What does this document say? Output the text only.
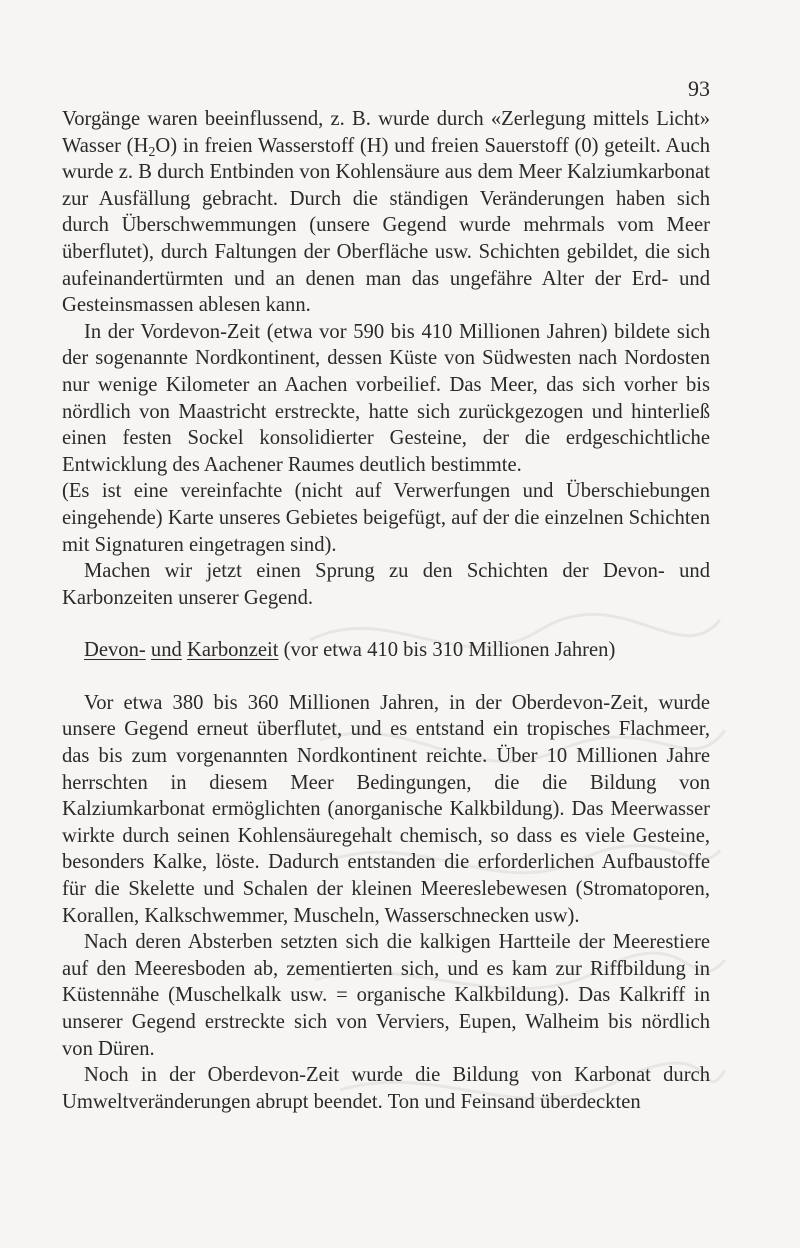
93

Vorgänge waren beeinflussend, z. B. wurde durch «Zerlegung mittels Licht» Wasser $(H_2O)$ in freien Wasserstoff (H) und freien Sauerstoff (0) geteilt. Auch wurde z. B durch Entbinden von Kohlensäure aus dem Meer Kalziumkarbonat zur Ausfällung gebracht. Durch die ständigen Veränderungen haben sich durch Überschwemmungen (unsere Gegend wurde mehrmals vom Meer überflutet), durch Faltungen der Oberfläche usw. Schichten gebildet, die sich aufeinandertürmten und an denen man das ungefähre Alter der Erd- und Gesteinsmassen ablesen kann.

In der Vordevon-Zeit (etwa vor 590 bis 410 Millionen Jahren) bildete sich der sogenannte Nordkontinent, dessen Küste von Südwesten nach Nordosten nur wenige Kilometer an Aachen vorbeilief. Das Meer, das sich vorher bis nördlich von Maastricht erstreckte, hatte sich zurückgezogen und hinterließ einen festen Sockel konsolidierter Gesteine, der die erdgeschichtliche Entwicklung des Aachener Raumes deutlich bestimmte.

(Es ist eine vereinfachte (nicht auf Verwerfungen und Überschiebungen eingehende) Karte unseres Gebietes beigefügt, auf der die einzelnen Schichten mit Signaturen eingetragen sind).

Machen wir jetzt einen Sprung zu den Schichten der Devon- und Karbonzeiten unserer Gegend.

Devon- und Karbonzeit (vor etwa 410 bis 310 Millionen Jahren)

Vor etwa 380 bis 360 Millionen Jahren, in der Oberdevon-Zeit, wurde unsere Gegend erneut überflutet, und es entstand ein tropisches Flachmeer, das bis zum vorgenannten Nordkontinent reichte. Über 10 Millionen Jahre herrschten in diesem Meer Bedingungen, die die Bildung von Kalziumkarbonat ermöglichten (anorganische Kalkbildung). Das Meerwasser wirkte durch seinen Kohlensäuregehalt chemisch, so dass es viele Gesteine, besonders Kalke, löste. Dadurch entstanden die erforderlichen Aufbaustoffe für die Skelette und Schalen der kleinen Meereslebewesen (Stromatoporen, Korallen, Kalkschwemmer, Muscheln, Wasserschnecken usw).

Nach deren Absterben setzten sich die kalkigen Hartteile der Meerestiere auf den Meeresboden ab, zementierten sich, und es kam zur Riffbildung in Küstennähe (Muschelkalk usw. = organische Kalkbildung). Das Kalkriff in unserer Gegend erstreckte sich von Verviers, Eupen, Walheim bis nördlich von Düren.

Noch in der Oberdevon-Zeit wurde die Bildung von Karbonat durch Umweltveränderungen abrupt beendet. Ton und Feinsand überdeckten
